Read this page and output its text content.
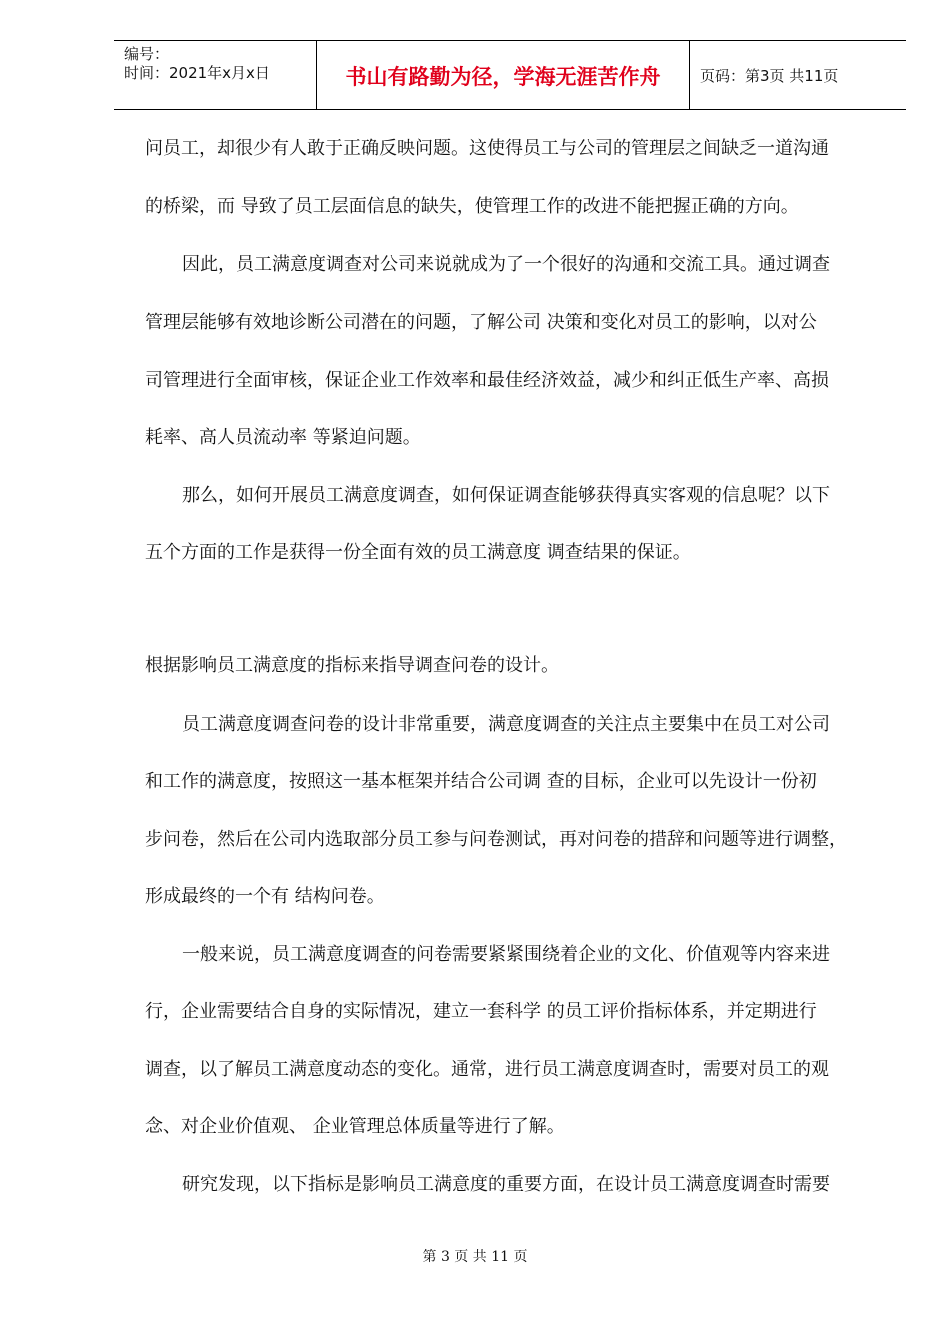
编号：
时间：2021年x月x日	书山有路勤为径，学海无涯苦作舟	页码：第3页 共11页
问员工，却很少有人敢于正确反映问题。这使得员工与公司的管理层之间缺乏一道沟通
的桥梁，而 导致了员工层面信息的缺失，使管理工作的改进不能把握正确的方向。
因此，员工满意度调查对公司来说就成为了一个很好的沟通和交流工具。通过调查
管理层能够有效地诊断公司潜在的问题，了解公司 决策和变化对员工的影响，以对公
司管理进行全面审核，保证企业工作效率和最佳经济效益，减少和纠正低生产率、高损
耗率、高人员流动率 等紧迫问题。
那么，如何开展员工满意度调查，如何保证调查能够获得真实客观的信息呢？以下
五个方面的工作是获得一份全面有效的员工满意度 调查结果的保证。
根据影响员工满意度的指标来指导调查问卷的设计。
员工满意度调查问卷的设计非常重要，满意度调查的关注点主要集中在员工对公司
和工作的满意度，按照这一基本框架并结合公司调 查的目标，企业可以先设计一份初
步问卷，然后在公司内选取部分员工参与问卷测试，再对问卷的措辞和问题等进行调整，
形成最终的一个有 结构问卷。
一般来说，员工满意度调查的问卷需要紧紧围绕着企业的文化、价值观等内容来进
行，企业需要结合自身的实际情况，建立一套科学 的员工评价指标体系，并定期进行
调查，以了解员工满意度动态的变化。通常，进行员工满意度调查时，需要对员工的观
念、对企业价值观、 企业管理总体质量等进行了解。
研究发现，以下指标是影响员工满意度的重要方面，在设计员工满意度调查时需要
第 3 页 共 11 页
